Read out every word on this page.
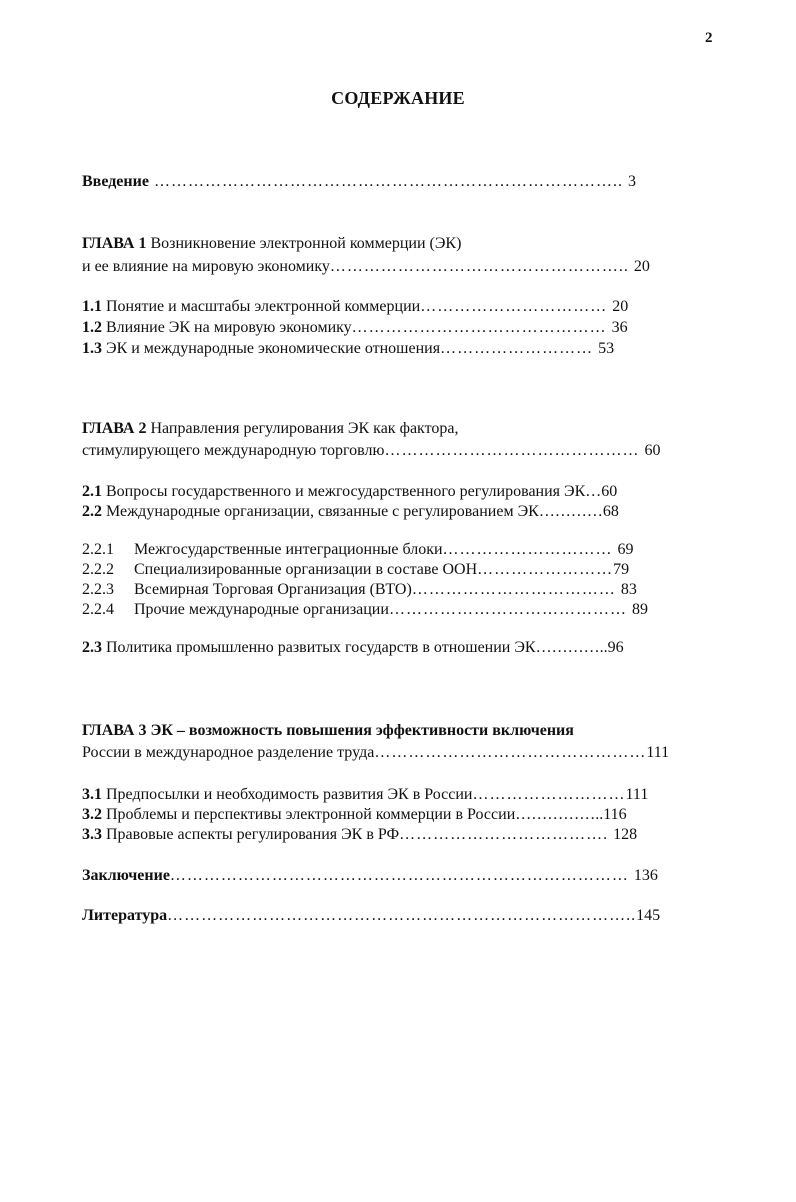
2
СОДЕРЖАНИЕ
Введение ……………………………………………………………………….. 3
ГЛАВА 1 Возникновение электронной коммерции (ЭК)
и ее влияние на мировую экономику…………………………………………….. 20
1.1 Понятие и масштабы электронной коммерции…………………………… 20
1.2 Влияние ЭК на мировую экономику……………………………………… 36
1.3 ЭК и международные экономические отношения……………………… 53
ГЛАВА 2 Направления регулирования ЭК как фактора,
стимулирующего международную торговлю……………………………………… 60
2.1 Вопросы государственного и межгосударственного регулирования ЭК…60
2.2 Международные организации, связанные с регулированием ЭК…………68
2.2.1 Межгосударственные интеграционные блоки………………………… 69
2.2.2 Специализированные организации в составе ООН……………………79
2.2.3 Всемирная Торговая Организация (ВТО)……………………………… 83
2.2.4 Прочие международные организации…………………………………… 89
2.3 Политика промышленно развитых государств в отношении ЭК…………..96
ГЛАВА 3 ЭК – возможность повышения эффективности включения
России в международное разделение труда…………………………………………111
3.1 Предпосылки и необходимость развития ЭК в России………………………111
3.2 Проблемы и перспективы электронной коммерции в России……………..116
3.3 Правовые аспекты регулирования ЭК в РФ………………………………. 128
Заключение……………………………………………………………………… 136
Литература………………………………………………………………………..145
